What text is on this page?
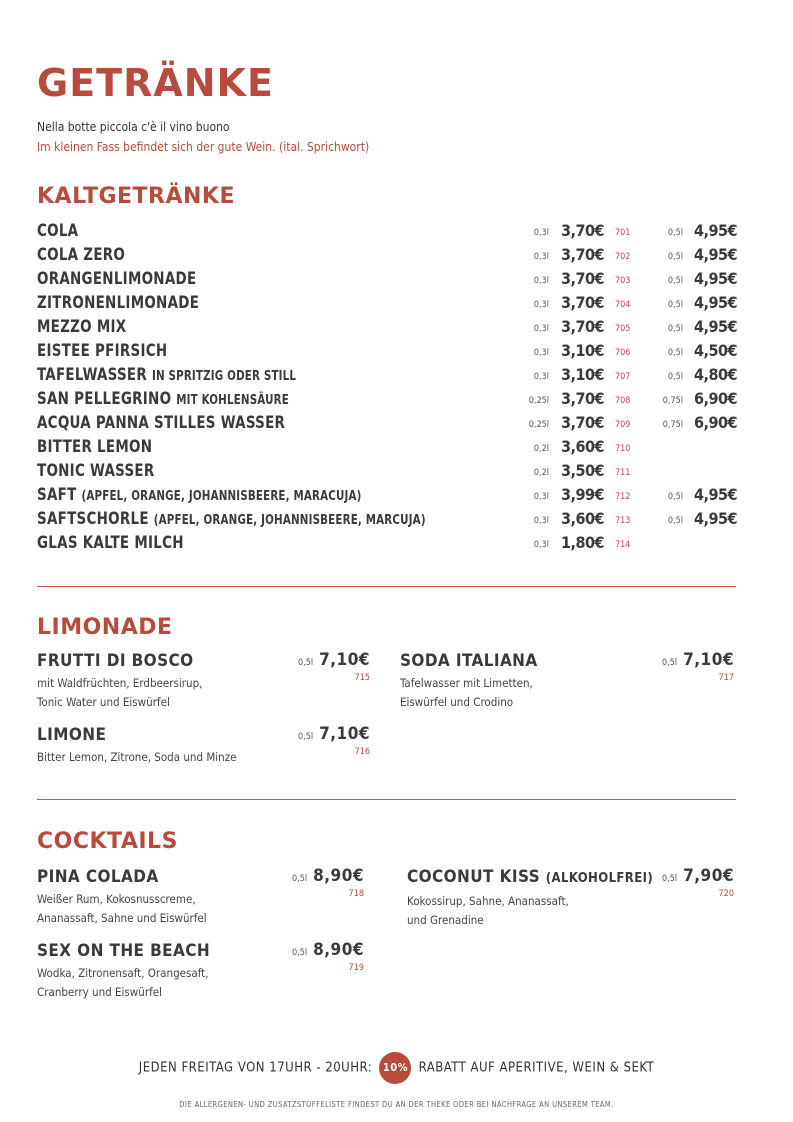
GETRÄNKE
Nella botte piccola c'è il vino buono
Im kleinen Fass befindet sich der gute Wein. (ital. Sprichwort)
KALTGETRÄNKE
COLA	0,3l 3,70€ 701	0,5l 4,95€
COLA ZERO	0,3l 3,70€ 702	0,5l 4,95€
ORANGENLIMONADE	0,3l 3,70€ 703	0,5l 4,95€
ZITRONENLIMONADE	0,3l 3,70€ 704	0,5l 4,95€
MEZZO MIX	0,3l 3,70€ 705	0,5l 4,95€
EISTEE PFIRSICH	0,3l 3,10€ 706	0,5l 4,50€
TAFELWASSER IN SPRITZIG ODER STILL	0,3l 3,10€ 707	0,5l 4,80€
SAN PELLEGRINO MIT KOHLENSÄURE	0,25l 3,70€ 708	0,75l 6,90€
ACQUA PANNA STILLES WASSER	0,25l 3,70€ 709	0,75l 6,90€
BITTER LEMON	0,2l 3,60€ 710
TONIC WASSER	0,2l 3,50€ 711
SAFT (APFEL, ORANGE, JOHANNISBEERE, MARACUJA)	0,3l 3,99€ 712	0,5l 4,95€
SAFTSCHORLE (APFEL, ORANGE, JOHANNISBEERE, MARCUJA)	0,3l 3,60€ 713	0,5l 4,95€
GLAS KALTE MILCH	0,3l 1,80€ 714
LIMONADE
FRUTTI DI BOSCO
mit Waldfrüchten, Erdbeersirup,
Tonic Water und Eiswürfel
0,5l 7,10€
715
LIMONE
Bitter Lemon, Zitrone, Soda und Minze
0,5l 7,10€
716
SODA ITALIANA
Tafelwasser mit Limetten,
Eiswürfel und Crodino
0,5l 7,10€
717
COCKTAILS
PINA COLADA
Weißer Rum, Kokosnusscreme,
Ananassaft, Sahne und Eiswürfel
0,5l 8,90€
718
SEX ON THE BEACH
Wodka, Zitronensaft, Orangesaft,
Cranberry und Eiswürfel
0,5l 8,90€
719
COCONUT KISS (ALKOHOLFREI)
Kokossirup, Sahne, Ananassaft,
und Grenadine
0,5l 7,90€
720
JEDEN FREITAG VON 17UHR - 20UHR: 10% RABATT AUF APERITIVE, WEIN & SEKT
DIE ALLERGENEN- UND ZUSATZSTOFFELISTE FINDEST DU AN DER THEKE ODER BEI NACHFRAGE AN UNSEREM TEAM.
